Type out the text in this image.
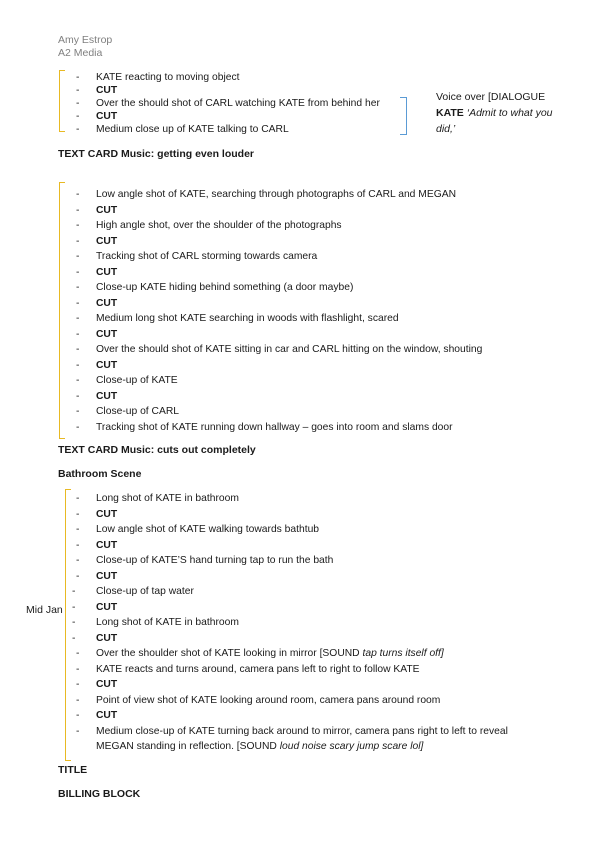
Amy Estrop
A2 Media
- KATE reacting to moving object
- CUT
- Over the should shot of CARL watching KATE from behind her
- CUT
- Medium close up of KATE talking to CARL
Voice over [DIALOGUE
KATE ‘Admit to what you
did,’
TEXT CARD Music: getting even louder
- Low angle shot of KATE, searching through photographs of CARL and MEGAN
- CUT
- High angle shot, over the shoulder of the photographs
- CUT
- Tracking shot of CARL storming towards camera
- CUT
- Close-up KATE hiding behind something (a door maybe)
- CUT
- Medium long shot KATE searching in woods with flashlight, scared
- CUT
- Over the should shot of KATE sitting in car and CARL hitting on the window, shouting
- CUT
- Close-up of KATE
- CUT
- Close-up of CARL
- Tracking shot of KATE running down hallway – goes into room and slams door
TEXT CARD Music: cuts out completely
Bathroom Scene
Mid Jan
- Long shot of KATE in bathroom
- CUT
- Low angle shot of KATE walking towards bathtub
- CUT
- Close-up of KATE’S hand turning tap to run the bath
- CUT
- Close-up of tap water
- CUT
- Long shot of KATE in bathroom
- CUT
- Over the shoulder shot of KATE looking in mirror [SOUND tap turns itself off]
- KATE reacts and turns around, camera pans left to right to follow KATE
- CUT
- Point of view shot of KATE looking around room, camera pans around room
- CUT
- Medium close-up of KATE turning back around to mirror, camera pans right to left to reveal
MEGAN standing in reflection. [SOUND loud noise scary jump scare lol]
TITLE
BILLING BLOCK
